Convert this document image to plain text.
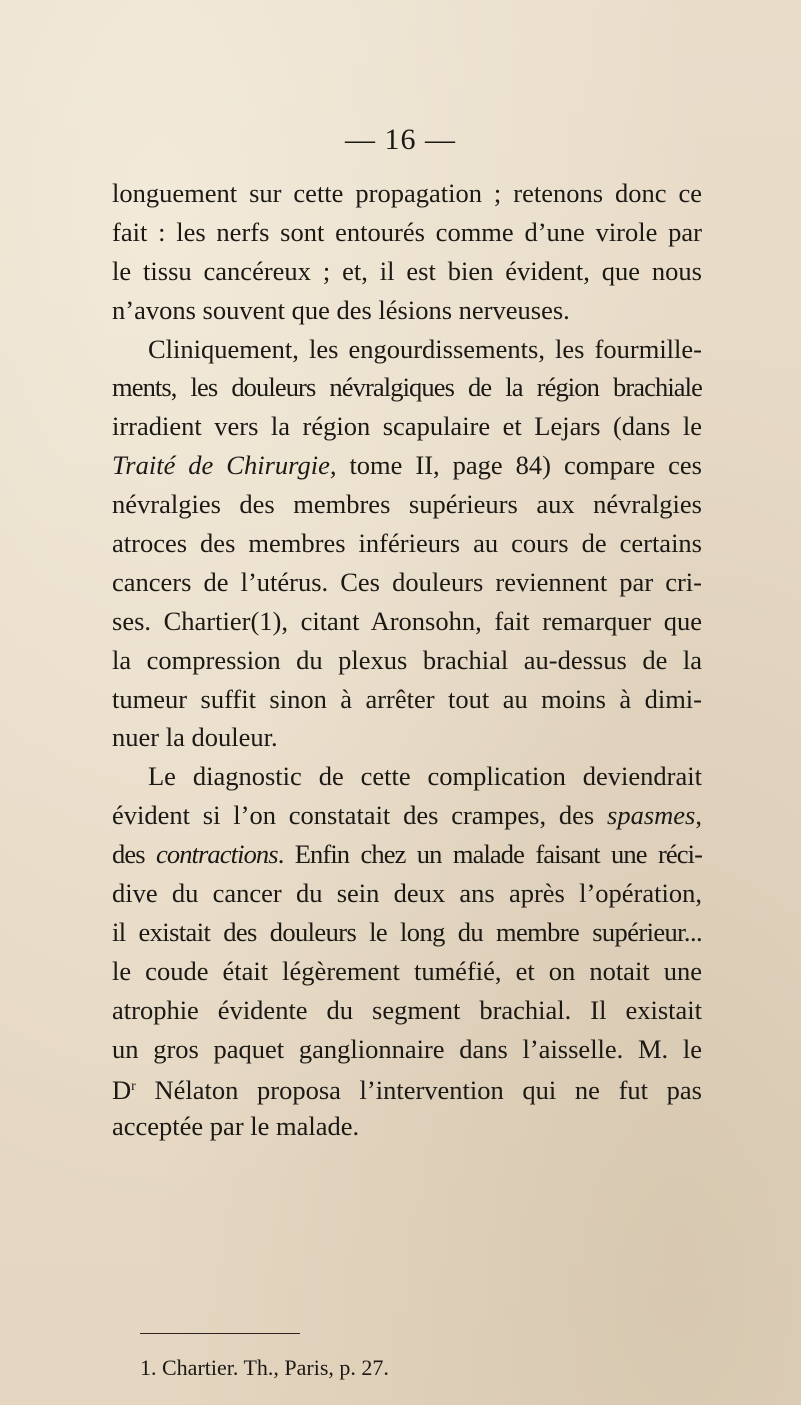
— 16 —
longuement sur cette propagation ; retenons donc ce
fait : les nerfs sont entourés comme d’une virole par
le tissu cancéreux ; et, il est bien évident, que nous
n’avons souvent que des lésions nerveuses.
Cliniquement, les engourdissements, les fourmille-
ments, les douleurs névralgiques de la région brachiale
irradient vers la région scapulaire et Lejars (dans le
Traité de Chirurgie, tome II, page 84) compare ces
névralgies des membres supérieurs aux névralgies
atroces des membres inférieurs au cours de certains
cancers de l’utérus. Ces douleurs reviennent par cri-
ses. Chartier(1), citant Aronsohn, fait remarquer que
la compression du plexus brachial au-dessus de la
tumeur suffit sinon à arrêter tout au moins à dimi-
nuer la douleur.
Le diagnostic de cette complication deviendrait
évident si l’on constatait des crampes, des spasmes,
des contractions. Enfin chez un malade faisant une réci-
dive du cancer du sein deux ans après l’opération,
il existait des douleurs le long du membre supérieur...
le coude était légèrement tuméfié, et on notait une
atrophie évidente du segment brachial. Il existait
un gros paquet ganglionnaire dans l’aisselle. M. le
$D^r$ Nélaton proposa l’intervention qui ne fut pas
acceptée par le malade.
1. Chartier. Th., Paris, p. 27.
